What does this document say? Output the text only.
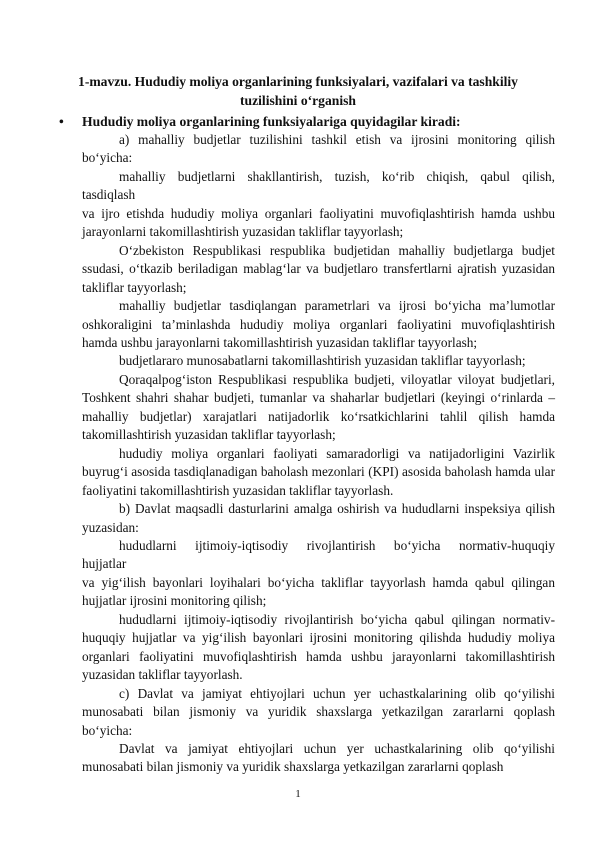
1-mavzu. Hududiy moliya organlarining funksiyalari, vazifalari va tashkiliy
tuzilishini o‘rganish
• Hududiy moliya organlarining funksiyalariga quyidagilar kiradi:

a) mahalliy budjetlar tuzilishini tashkil etish va ijrosini monitoring qilish bo‘yicha:

mahalliy budjetlarni shakllantirish, tuzish, ko‘rib chiqish, qabul qilish,
tasdiqlash
va ijro etishda hududiy moliya organlari faoliyatini muvofiqlashtirish hamda ushbu
jarayonlarni takomillashtirish yuzasidan takliflar tayyorlash;

O‘zbekiston Respublikasi respublika budjetidan mahalliy budjetlarga budjet ssudasi, o‘tkazib beriladigan mablag‘lar va budjetlaro transfertlarni ajratish yuzasidan takliflar tayyorlash;

mahalliy budjetlar tasdiqlangan parametrlari va ijrosi bo‘yicha ma’lumotlar oshkoraligini ta’minlashda hududiy moliya organlari faoliyatini muvofiqlashtirish hamda ushbu jarayonlarni takomillashtirish yuzasidan takliflar tayyorlash;

budjetlararo munosabatlarni takomillashtirish yuzasidan takliflar tayyorlash;

Qoraqalpog‘iston Respublikasi respublika budjeti, viloyatlar viloyat budjetlari, Toshkent shahri shahar budjeti, tumanlar va shaharlar budjetlari (keyingi o‘rinlarda – mahalliy budjetlar) xarajatlari natijadorlik ko‘rsatkichlarini tahlil qilish hamda takomillashtirish yuzasidan takliflar tayyorlash;

hududiy moliya organlari faoliyati samaradorligi va natijadorligini Vazirlik buyrug‘i asosida tasdiqlanadigan baholash mezonlari (KPI) asosida baholash hamda ular faoliyatini takomillashtirish yuzasidan takliflar tayyorlash.

b) Davlat maqsadli dasturlarini amalga oshirish va hududlarni inspeksiya qilish yuzasidan:

hududlarni ijtimoiy-iqtisodiy rivojlantirish bo‘yicha normativ-huquqiy
hujjatlar
va yig‘ilish bayonlari loyihalari bo‘yicha takliflar tayyorlash hamda qabul qilingan
hujjatlar ijrosini monitoring qilish;

hududlarni ijtimoiy-iqtisodiy rivojlantirish bo‘yicha qabul qilingan normativ-huquqiy hujjatlar va yig‘ilish bayonlari ijrosini monitoring qilishda hududiy moliya organlari faoliyatini muvofiqlashtirish hamda ushbu jarayonlarni takomillashtirish yuzasidan takliflar tayyorlash.

c) Davlat va jamiyat ehtiyojlari uchun yer uchastkalarining olib qo‘yilishi munosabati bilan jismoniy va yuridik shaxslarga yetkazilgan zararlarni qoplash bo‘yicha:

Davlat va jamiyat ehtiyojlari uchun yer uchastkalarining olib qo‘yilishi munosabati bilan jismoniy va yuridik shaxslarga yetkazilgan zararlarni qoplash

1
